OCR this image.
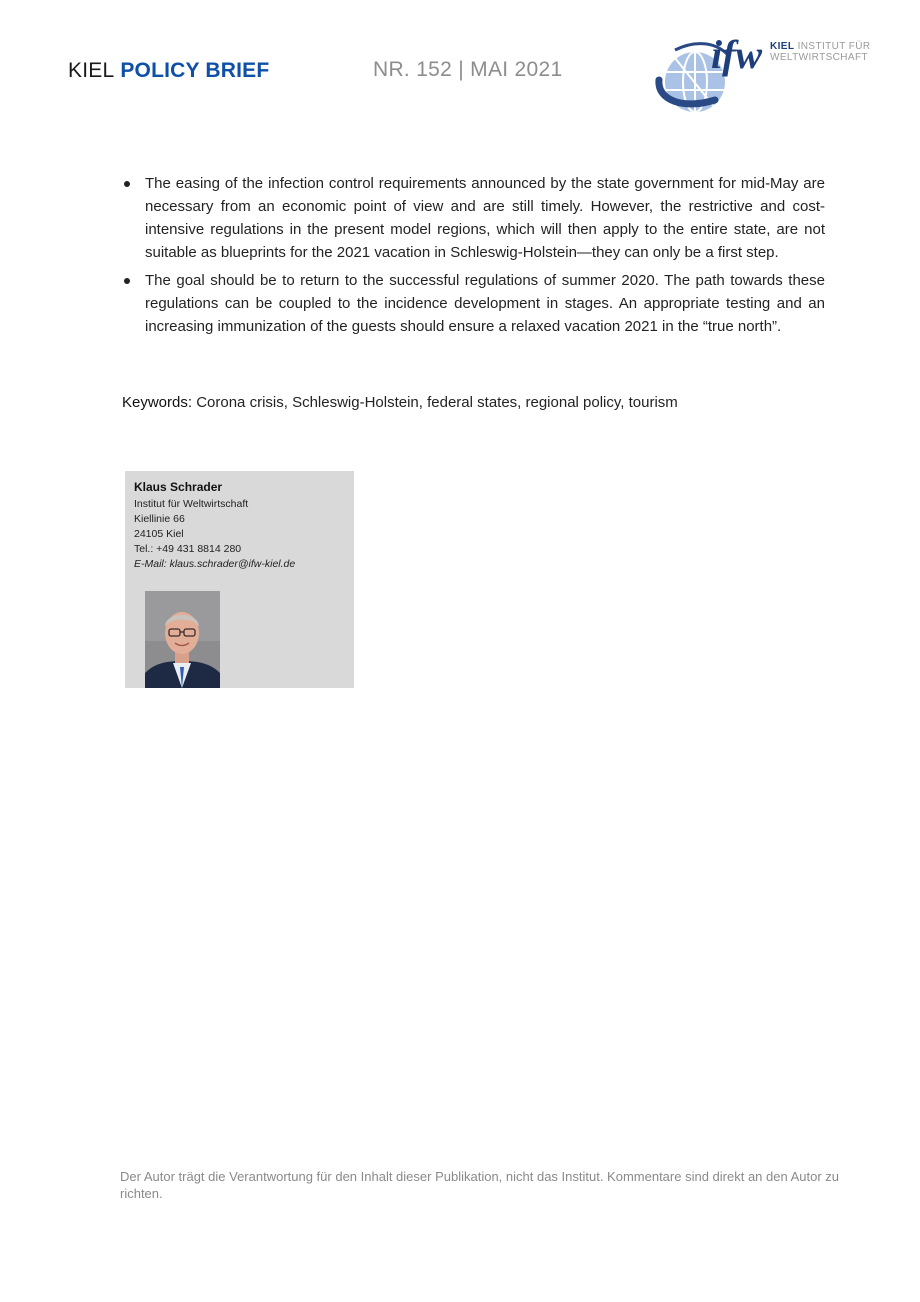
KIEL POLICY BRIEF	NR. 152 | MAI 2021	ifw KIEL INSTITUT FÜR
WELTWIRTSCHAFT
The easing of the infection control requirements announced by the state government for mid-May are necessary from an economic point of view and are still timely. However, the restrictive and cost-intensive regulations in the present model regions, which will then apply to the entire state, are not suitable as blueprints for the 2021 vacation in Schleswig-Holstein—they can only be a first step.
The goal should be to return to the successful regulations of summer 2020. The path towards these regulations can be coupled to the incidence development in stages. An appropriate testing and an increasing immunization of the guests should ensure a relaxed vacation 2021 in the “true north”.
Keywords: Corona crisis, Schleswig-Holstein, federal states, regional policy, tourism
Klaus Schrader
Institut für Weltwirtschaft
Kiellinie 66
24105 Kiel
Tel.: +49 431 8814 280
E-Mail: klaus.schrader@ifw-kiel.de
Der Autor trägt die Verantwortung für den Inhalt dieser Publikation, nicht das Institut. Kommentare sind direkt an den Autor zu richten.
